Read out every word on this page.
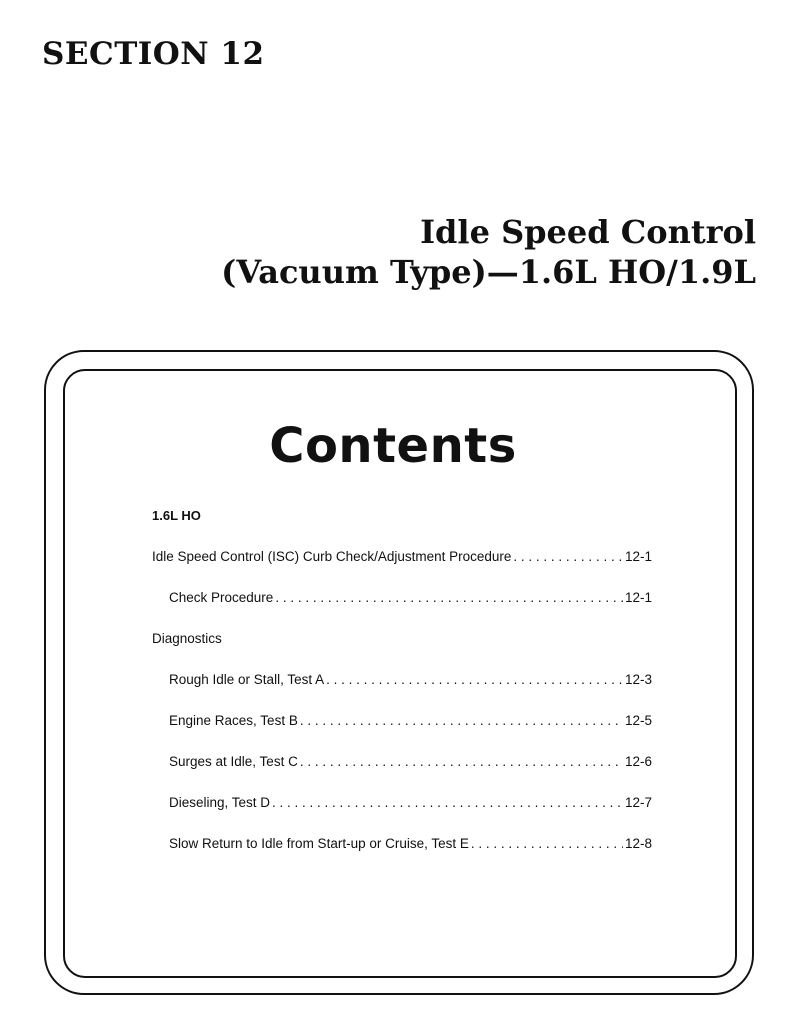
SECTION 12
Idle Speed Control
(Vacuum Type)—1.6L HO/1.9L
Contents
1.6L HO
Idle Speed Control (ISC) Curb Check/Adjustment Procedure . . .	12-1
Check Procedure . . .	12-1
Diagnostics
Rough Idle or Stall, Test A . . .	12-3
Engine Races, Test B . . .	12-5
Surges at Idle, Test C . . .	12-6
Dieseling, Test D . . .	12-7
Slow Return to Idle from Start-up or Cruise, Test E . . .	12-8
